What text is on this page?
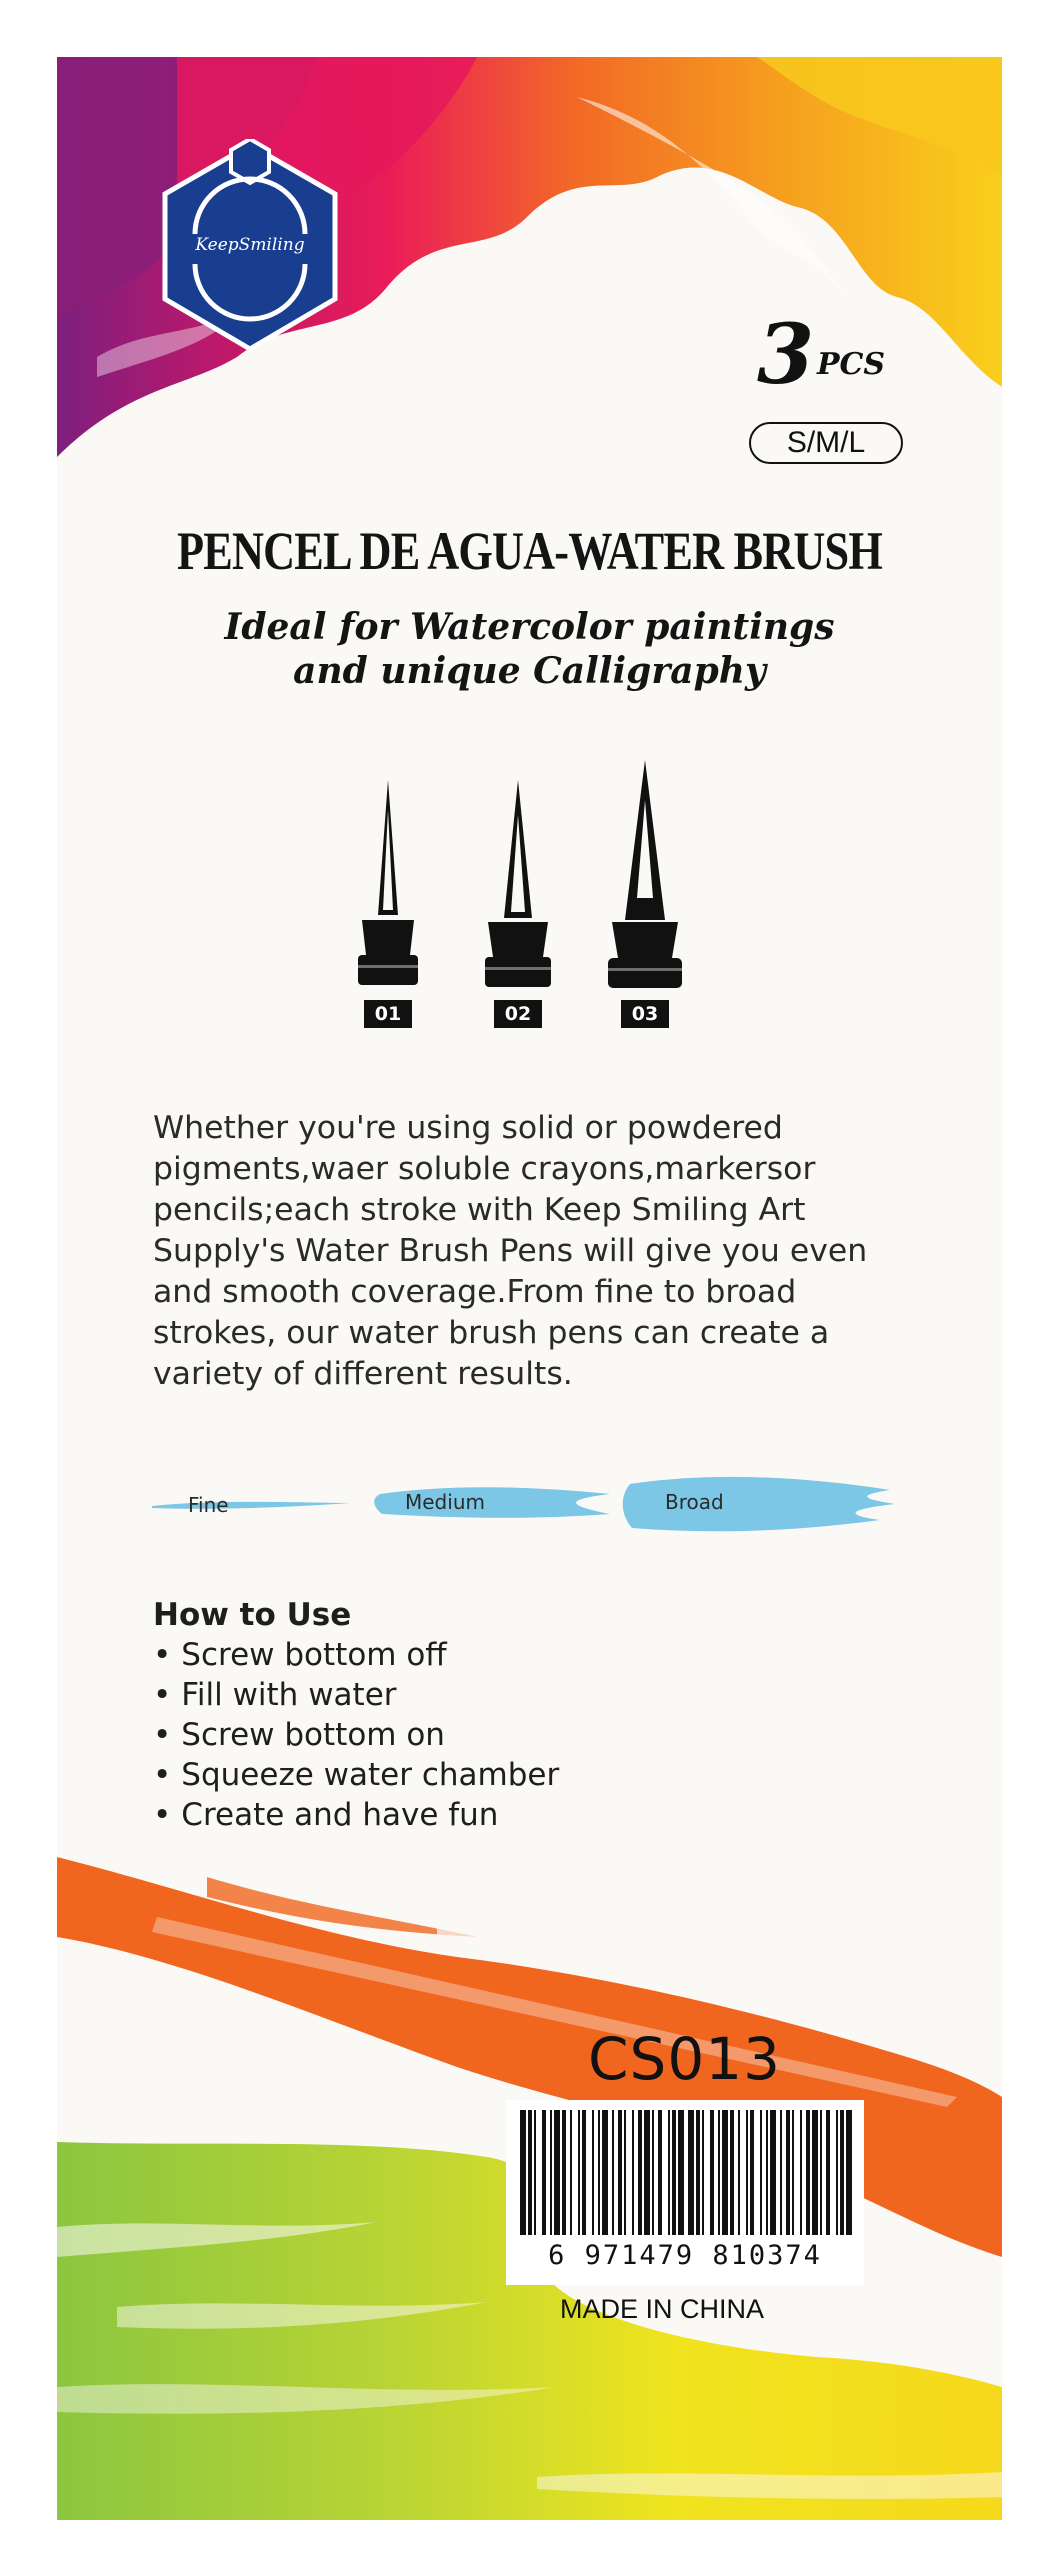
KeepSmiling
3 PCS
S/M/L
PENCEL DE AGUA-WATER BRUSH
Ideal for Watercolor paintings
and unique Calligraphy
01	02	03

Whether you're using solid or powdered

pigments,waer soluble crayons,markersor

pencils;each stroke with Keep Smiling Art

Supply's Water Brush Pens will give you even

and smooth coverage.From fine to broad

strokes, our water brush pens can create a

variety of different results.

Fine	Medium	Broad
How to Use
• Screw bottom off
• Fill with water
• Screw bottom on
• Squeeze water chamber
• Create and have fun
CS013
6 971479 810374
MADE IN CHINA
